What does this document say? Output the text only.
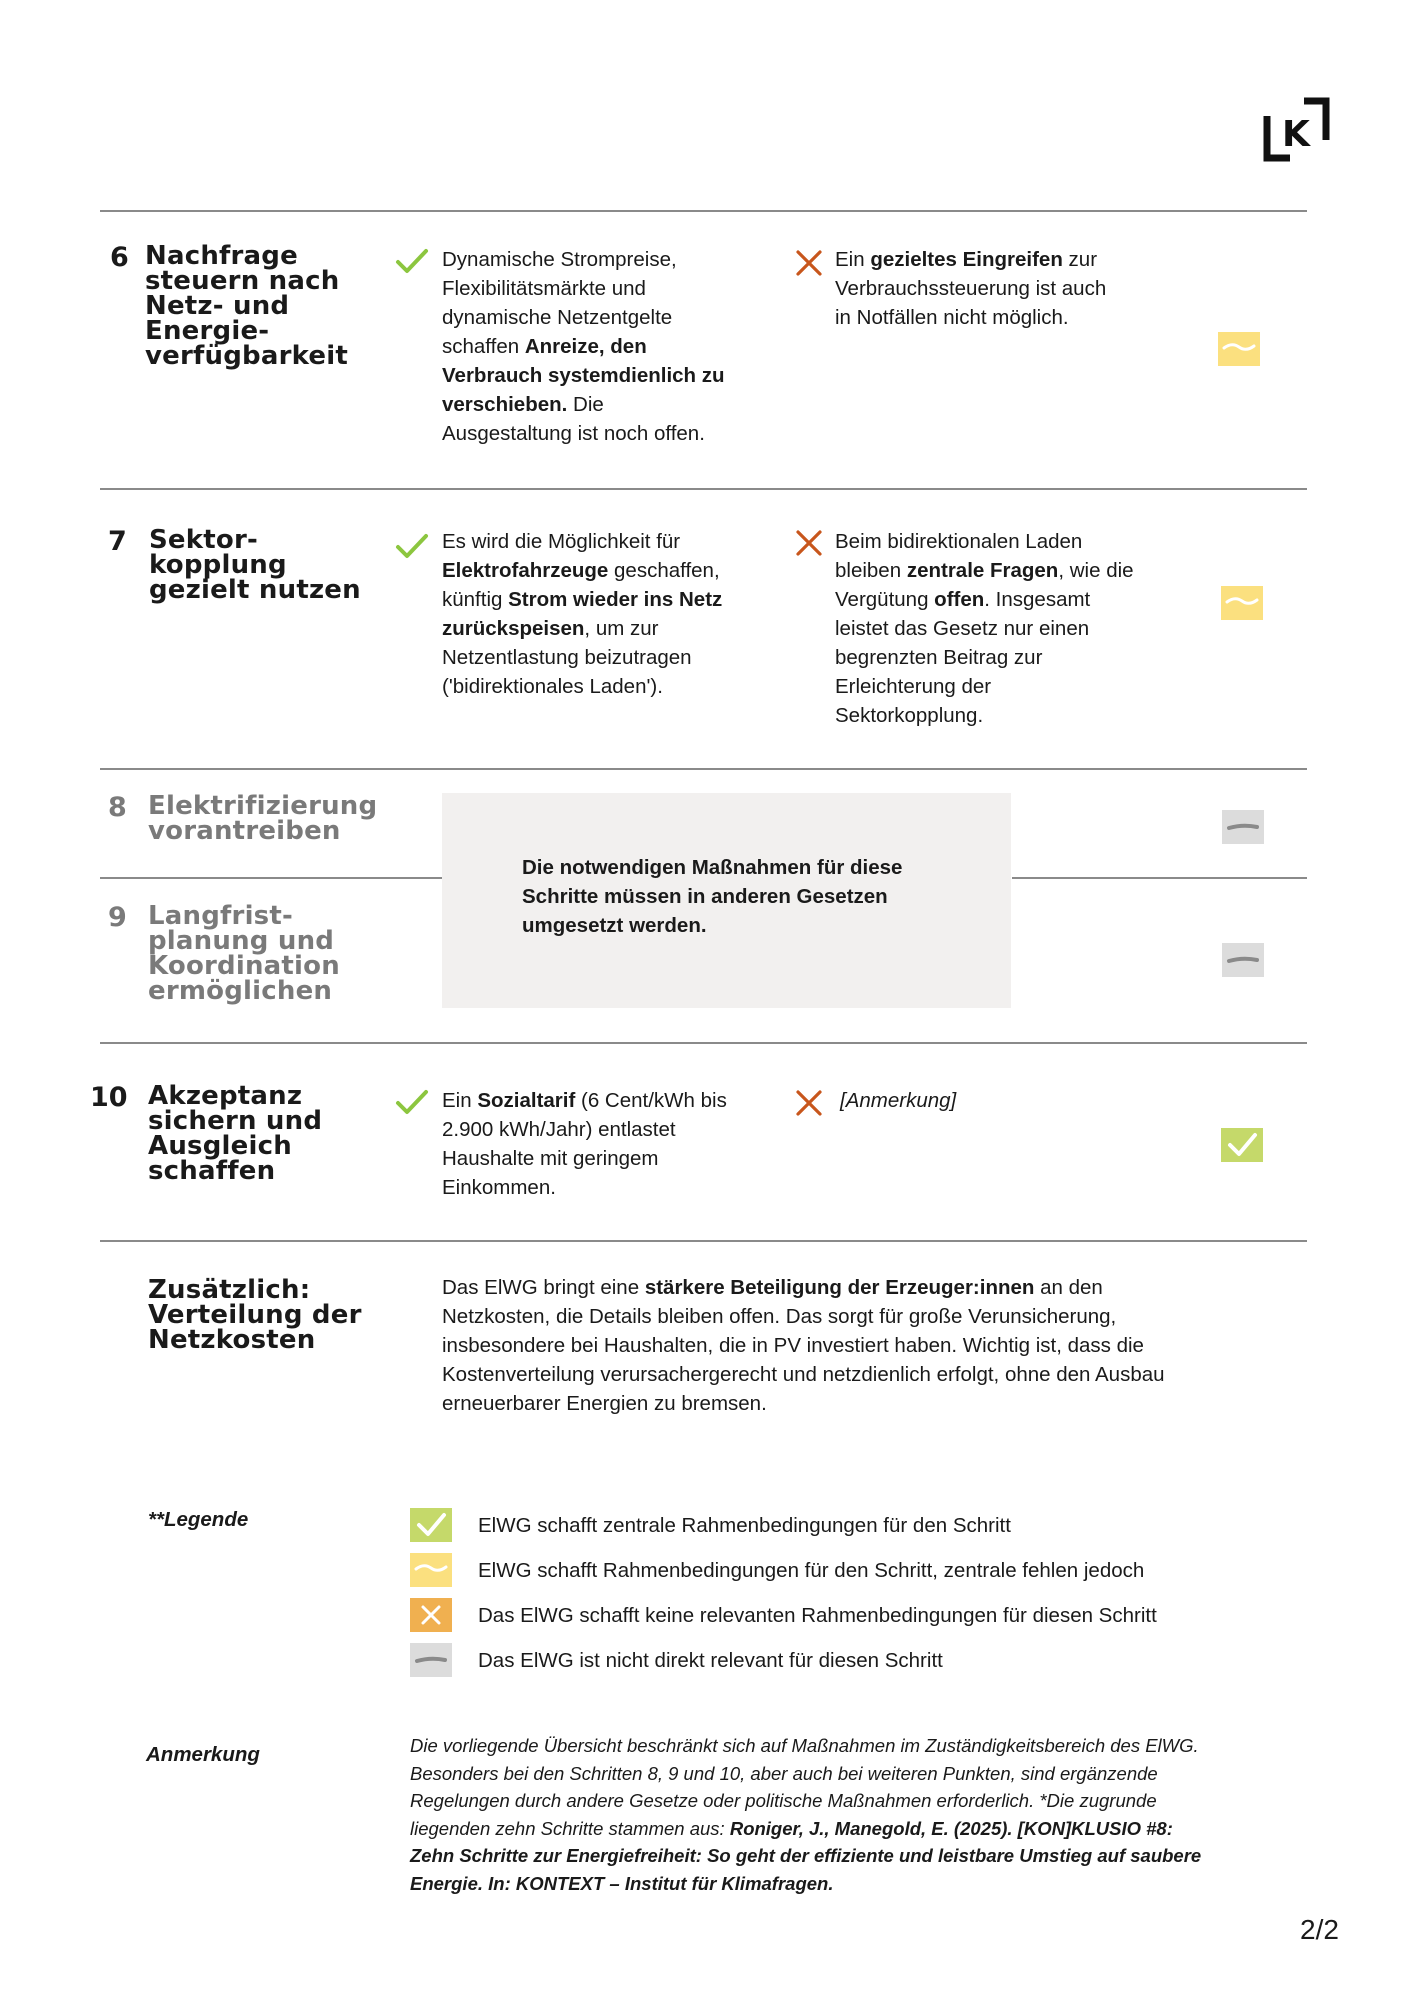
K
6 Nachfrage
steuern nach
Netz- und
Energie-
verfügbarkeit
Dynamische Strompreise,
Flexibilitätsmärkte und
dynamische Netzentgelte
schaffen Anreize, den
Verbrauch systemdienlich zu
verschieben. Die
Ausgestaltung ist noch offen.
Ein gezieltes Eingreifen zur
Verbrauchssteuerung ist auch
in Notfällen nicht möglich.
7 Sektor-
kopplung
gezielt nutzen
Es wird die Möglichkeit für
Elektrofahrzeuge geschaffen,
künftig Strom wieder ins Netz
zurückspeisen, um zur
Netzentlastung beizutragen
('bidirektionales Laden').
Beim bidirektionalen Laden
bleiben zentrale Fragen, wie die
Vergütung offen. Insgesamt
leistet das Gesetz nur einen
begrenzten Beitrag zur
Erleichterung der
Sektorkopplung.
8 Elektrifizierung
vorantreiben
9 Langfrist-
planung und
Koordination
ermöglichen
Die notwendigen Maßnahmen für diese
Schritte müssen in anderen Gesetzen
umgesetzt werden.
10 Akzeptanz
sichern und
Ausgleich
schaffen
Ein Sozialtarif (6 Cent/kWh bis
2.900 kWh/Jahr) entlastet
Haushalte mit geringem
Einkommen.
[Anmerkung]
Zusätzlich:
Verteilung der
Netzkosten
Das ElWG bringt eine stärkere Beteiligung der Erzeuger:innen an den
Netzkosten, die Details bleiben offen. Das sorgt für große Verunsicherung,
insbesondere bei Haushalten, die in PV investiert haben. Wichtig ist, dass die
Kostenverteilung verursachergerecht und netzdienlich erfolgt, ohne den Ausbau
erneuerbarer Energien zu bremsen.
**Legende	ElWG schafft zentrale Rahmenbedingungen für den Schritt
ElWG schafft Rahmenbedingungen für den Schritt, zentrale fehlen jedoch
Das ElWG schafft keine relevanten Rahmenbedingungen für diesen Schritt
Das ElWG ist nicht direkt relevant für diesen Schritt
Anmerkung	Die vorliegende Übersicht beschränkt sich auf Maßnahmen im Zuständigkeitsbereich des ElWG.
Besonders bei den Schritten 8, 9 und 10, aber auch bei weiteren Punkten, sind ergänzende
Regelungen durch andere Gesetze oder politische Maßnahmen erforderlich. *Die zugrunde
liegenden zehn Schritte stammen aus: Roniger, J., Manegold, E. (2025). [KON]KLUSIO #8:
Zehn Schritte zur Energiefreiheit: So geht der effiziente und leistbare Umstieg auf saubere
Energie. In: KONTEXT – Institut für Klimafragen.
2/2
